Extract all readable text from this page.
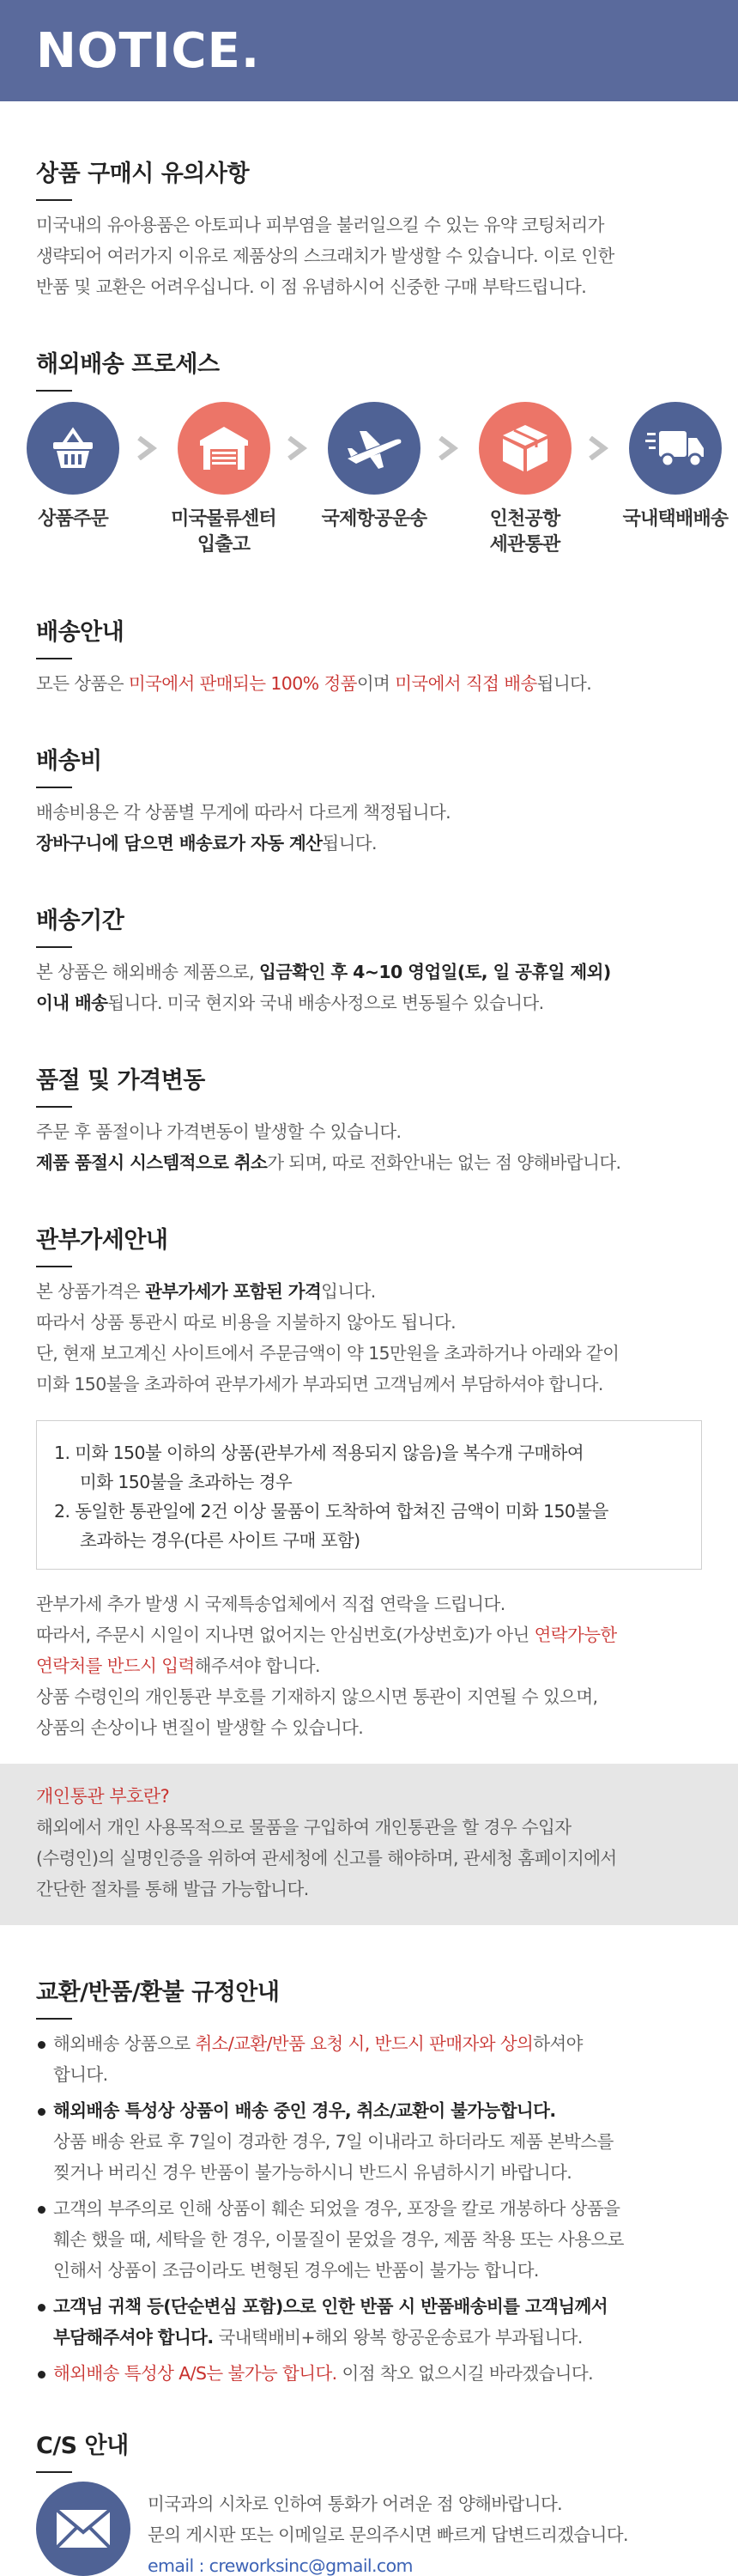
NOTICE.
상품 구매시 유의사항
미국내의 유아용품은 아토피나 피부염을 불러일으킬 수 있는 유약 코팅처리가
생략되어 여러가지 이유로 제품상의 스크래치가 발생할 수 있습니다. 이로 인한
반품 및 교환은 어려우십니다. 이 점 유념하시어 신중한 구매 부탁드립니다.
해외배송 프로세스
상품주문	미국물류센터
입출고
국제항공운송	인천공항
세관통관
국내택배배송
배송안내
모든 상품은 미국에서 판매되는 100% 정품이며 미국에서 직접 배송됩니다.
배송비
배송비용은 각 상품별 무게에 따라서 다르게 책정됩니다.
장바구니에 담으면 배송료가 자동 계산됩니다.
배송기간
본 상품은 해외배송 제품으로, 입금확인 후 4~10 영업일(토, 일 공휴일 제외)
이내 배송됩니다. 미국 현지와 국내 배송사정으로 변동될수 있습니다.
품절 및 가격변동
주문 후 품절이나 가격변동이 발생할 수 있습니다.
제품 품절시 시스템적으로 취소가 되며, 따로 전화안내는 없는 점 양해바랍니다.
관부가세안내
본 상품가격은 관부가세가 포함된 가격입니다.
따라서 상품 통관시 따로 비용을 지불하지 않아도 됩니다.
단, 현재 보고계신 사이트에서 주문금액이 약 15만원을 초과하거나 아래와 같이
미화 150불을 초과하여 관부가세가 부과되면 고객님께서 부담하셔야 합니다.
1. 미화 150불 이하의 상품(관부가세 적용되지 않음)을 복수개 구매하여
미화 150불을 초과하는 경우
2. 동일한 통관일에 2건 이상 물품이 도착하여 합쳐진 금액이 미화 150불을
초과하는 경우(다른 사이트 구매 포함)
관부가세 추가 발생 시 국제특송업체에서 직접 연락을 드립니다.
따라서, 주문시 시일이 지나면 없어지는 안심번호(가상번호)가 아닌 연락가능한
연락처를 반드시 입력해주셔야 합니다.
상품 수령인의 개인통관 부호를 기재하지 않으시면 통관이 지연될 수 있으며,
상품의 손상이나 변질이 발생할 수 있습니다.
개인통관 부호란?
해외에서 개인 사용목적으로 물품을 구입하여 개인통관을 할 경우 수입자
(수령인)의 실명인증을 위하여 관세청에 신고를 해야하며, 관세청 홈페이지에서
간단한 절차를 통해 발급 가능합니다.
교환/반품/환불 규정안내
해외배송 상품으로 취소/교환/반품 요청 시, 반드시 판매자와 상의하셔야
합니다.
해외배송 특성상 상품이 배송 중인 경우, 취소/교환이 불가능합니다.
상품 배송 완료 후 7일이 경과한 경우, 7일 이내라고 하더라도 제품 본박스를
찢거나 버리신 경우 반품이 불가능하시니 반드시 유념하시기 바랍니다.
고객의 부주의로 인해 상품이 훼손 되었을 경우, 포장을 칼로 개봉하다 상품을
훼손 했을 때, 세탁을 한 경우, 이물질이 묻었을 경우, 제품 착용 또는 사용으로
인해서 상품이 조금이라도 변형된 경우에는 반품이 불가능 합니다.
고객님 귀책 등(단순변심 포함)으로 인한 반품 시 반품배송비를 고객님께서
부담해주셔야 합니다. 국내택배비+해외 왕복 항공운송료가 부과됩니다.
해외배송 특성상 A/S는 불가능 합니다. 이점 착오 없으시길 바라겠습니다.
C/S 안내
미국과의 시차로 인하여 통화가 어려운 점 양해바랍니다.
문의 게시판 또는 이메일로 문의주시면 빠르게 답변드리겠습니다.
email : creworksinc@gmail.com
